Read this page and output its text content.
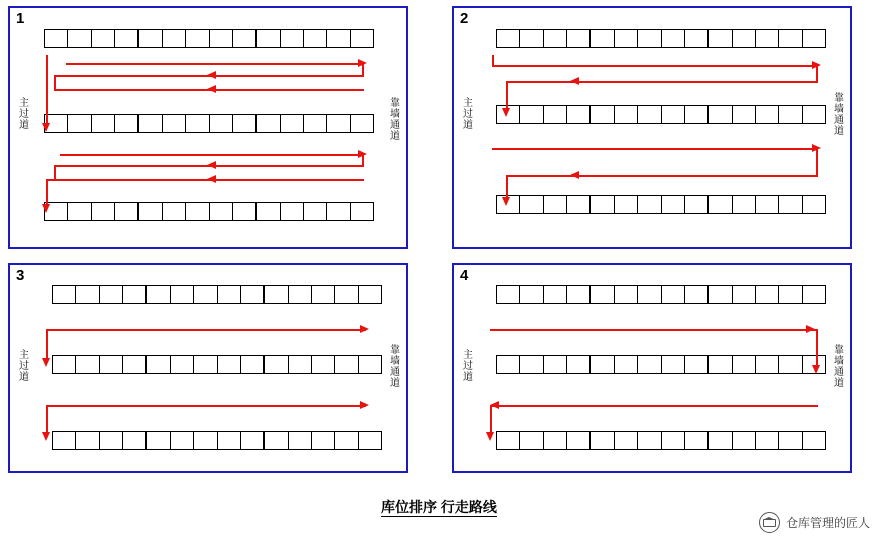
1
主
过
道
靠
墙
通
道
2
主
过
道
靠
墙
通
道
3
主
过
道
靠
墙
通
道
4
主
过
道
靠
墙
通
道
库位排序 行走路线
仓库管理的匠人
